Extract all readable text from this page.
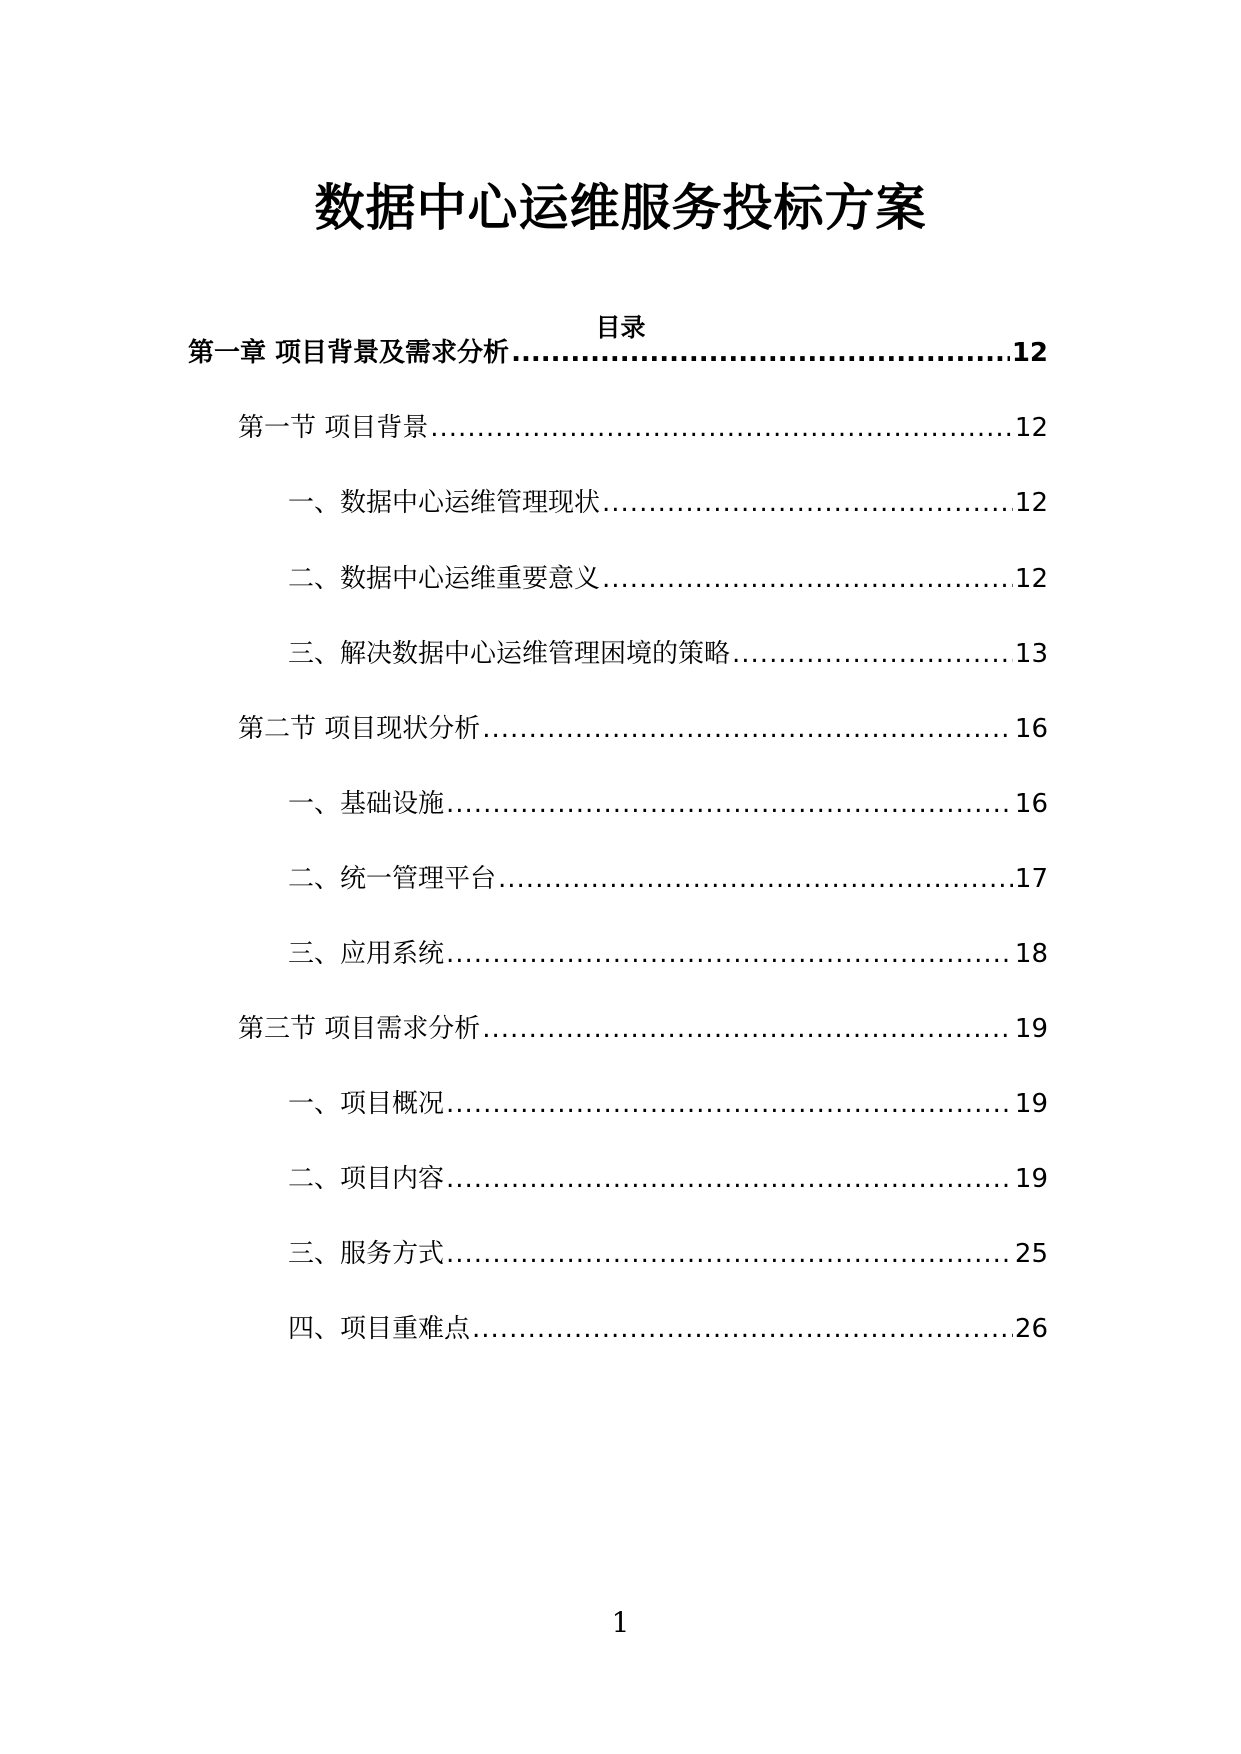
数据中心运维服务投标方案
目录
第一章 项目背景及需求分析 .....	12
第一节 项目背景 .....	12
一、数据中心运维管理现状 .....	12
二、数据中心运维重要意义 .....	12
三、解决数据中心运维管理困境的策略 .....	13
第二节 项目现状分析 .....	16
一、基础设施 .....	16
二、统一管理平台 .....	17
三、应用系统 .....	18
第三节 项目需求分析 .....	19
一、项目概况 .....	19
二、项目内容 .....	19
三、服务方式 .....	25
四、项目重难点 .....	26
1
